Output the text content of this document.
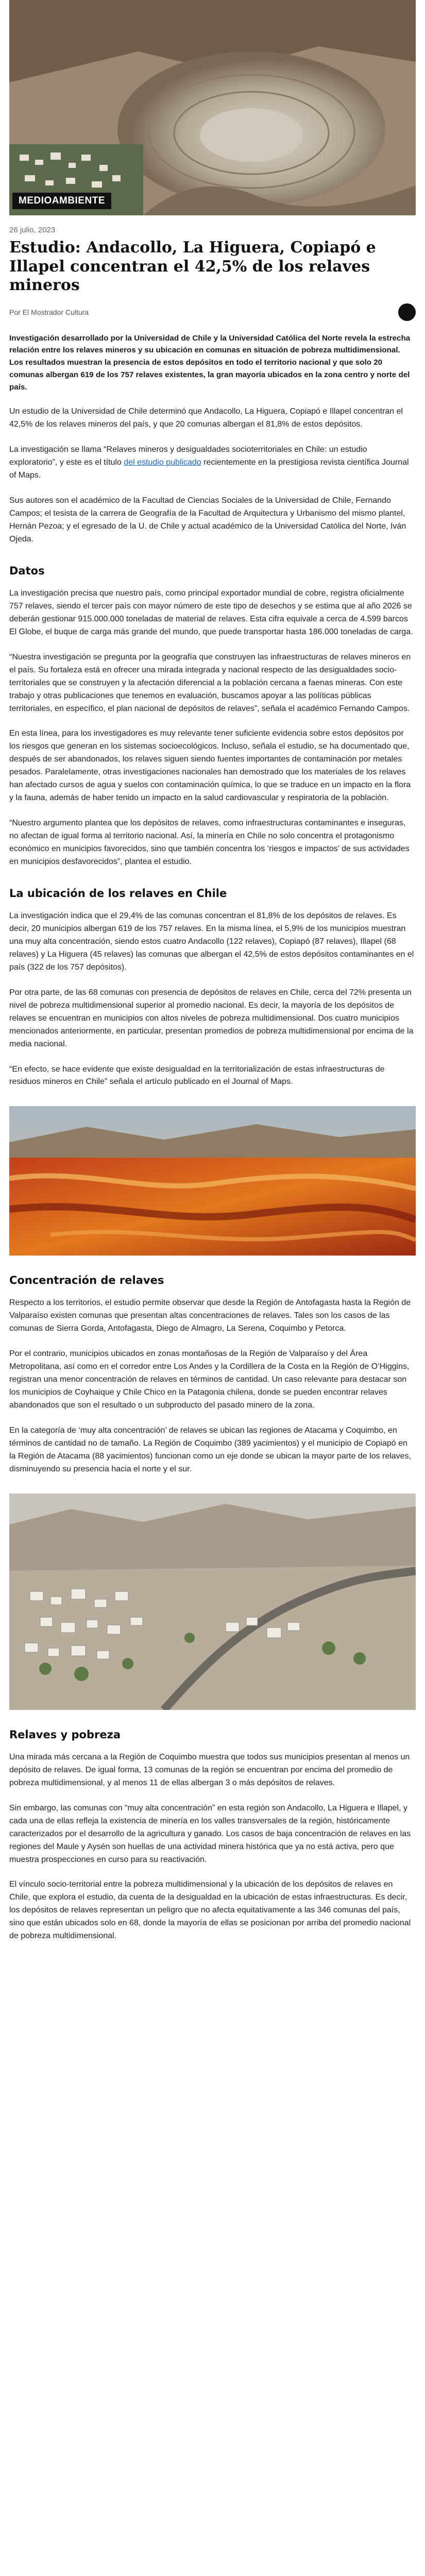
MEDIOAMBIENTE
26 julio, 2023
Estudio: Andacollo, La Higuera, Copiapó e Illapel concentran el 42,5% de los relaves mineros
Por El Mostrador Cultura

Investigación desarrollado por la Universidad de Chile y la Universidad Católica del Norte revela la estrecha relación entre los relaves mineros y su ubicación en comunas en situación de pobreza multidimensional. Los resultados muestran la presencia de estos depósitos en todo el territorio nacional y que solo 20 comunas albergan 619 de los 757 relaves existentes, la gran mayoría ubicados en la zona centro y norte del país.

Un estudio de la Universidad de Chile determinó que Andacollo, La Higuera, Copiapó e Illapel concentran el 42,5% de los relaves mineros del país, y que 20 comunas albergan el 81,8% de estos depósitos.

La investigación se llama “Relaves mineros y desigualdades socioterritoriales en Chile: un estudio exploratorio”, y este es el título del estudio publicado recientemente en la prestigiosa revista científica Journal of Maps.

Sus autores son el académico de la Facultad de Ciencias Sociales de la Universidad de Chile, Fernando Campos; el tesista de la carrera de Geografía de la Facultad de Arquitectura y Urbanismo del mismo plantel, Hernán Pezoa; y el egresado de la U. de Chile y actual académico de la Universidad Católica del Norte, Iván Ojeda.

Datos

La investigación precisa que nuestro país, como principal exportador mundial de cobre, registra oficialmente 757 relaves, siendo el tercer país con mayor número de este tipo de desechos y se estima que al año 2026 se deberán gestionar 915.000.000 toneladas de material de relaves. Esta cifra equivale a cerca de 4.599 barcos El Globe, el buque de carga más grande del mundo, que puede transportar hasta 186.000 toneladas de carga.

“Nuestra investigación se pregunta por la geografía que construyen las infraestructuras de relaves mineros en el país. Su fortaleza está en ofrecer una mirada integrada y nacional respecto de las desigualdades socio-territoriales que se construyen y la afectación diferencial a la población cercana a faenas mineras. Con este trabajo y otras publicaciones que tenemos en evaluación, buscamos apoyar a las políticas públicas territoriales, en específico, el plan nacional de depósitos de relaves”, señala el académico Fernando Campos.

En esta línea, para los investigadores es muy relevante tener suficiente evidencia sobre estos depósitos por los riesgos que generan en los sistemas socioecológicos. Incluso, señala el estudio, se ha documentado que, después de ser abandonados, los relaves siguen siendo fuentes importantes de contaminación por metales pesados. Paralelamente, otras investigaciones nacionales han demostrado que los materiales de los relaves han afectado cursos de agua y suelos con contaminación química, lo que se traduce en un impacto en la flora y la fauna, además de haber tenido un impacto en la salud cardiovascular y respiratoria de la población.

“Nuestro argumento plantea que los depósitos de relaves, como infraestructuras contaminantes e inseguras, no afectan de igual forma al territorio nacional. Así, la minería en Chile no solo concentra el protagonismo económico en municipios favorecidos, sino que también concentra los ‘riesgos e impactos’ de sus actividades en municipios desfavorecidos”, plantea el estudio.

La ubicación de los relaves en Chile

La investigación indica que el 29,4% de las comunas concentran el 81,8% de los depósitos de relaves. Es decir, 20 municipios albergan 619 de los 757 relaves. En la misma línea, el 5,9% de los municipios muestran una muy alta concentración, siendo estos cuatro Andacollo (122 relaves), Copiapó (87 relaves), Illapel (68 relaves) y La Higuera (45 relaves) las comunas que albergan el 42,5% de estos depósitos contaminantes en el país (322 de los 757 depósitos).

Por otra parte, de las 68 comunas con presencia de depósitos de relaves en Chile, cerca del 72% presenta un nivel de pobreza multidimensional superior al promedio nacional. Es decir, la mayoría de los depósitos de relaves se encuentran en municipios con altos niveles de pobreza multidimensional. Dos cuatro municipios mencionados anteriormente, en particular, presentan promedios de pobreza multidimensional por encima de la media nacional.

“En efecto, se hace evidente que existe desigualdad en la territorialización de estas infraestructuras de residuos mineros en Chile” señala el artículo publicado en el Journal of Maps.

Concentración de relaves

Respecto a los territorios, el estudio permite observar que desde la Región de Antofagasta hasta la Región de Valparaíso existen comunas que presentan altas concentraciones de relaves. Tales son los casos de las comunas de Sierra Gorda, Antofagasta, Diego de Almagro, La Serena, Coquimbo y Petorca.

Por el contrario, municipios ubicados en zonas montañosas de la Región de Valparaíso y del Área Metropolitana, así como en el corredor entre Los Andes y la Cordillera de la Costa en la Región de O’Higgins, registran una menor concentración de relaves en términos de cantidad. Un caso relevante para destacar son los municipios de Coyhaique y Chile Chico en la Patagonia chilena, donde se pueden encontrar relaves abandonados que son el resultado o un subproducto del pasado minero de la zona.

En la categoría de ‘muy alta concentración’ de relaves se ubican las regiones de Atacama y Coquimbo, en términos de cantidad no de tamaño. La Región de Coquimbo (389 yacimientos) y el municipio de Copiapó en la Región de Atacama (88 yacimientos) funcionan como un eje donde se ubican la mayor parte de los relaves, disminuyendo su presencia hacia el norte y el sur.

Relaves y pobreza

Una mirada más cercana a la Región de Coquimbo muestra que todos sus municipios presentan al menos un depósito de relaves. De igual forma, 13 comunas de la región se encuentran por encima del promedio de pobreza multidimensional, y al menos 11 de ellas albergan 3 o más depósitos de relaves.

Sin embargo, las comunas con “muy alta concentración” en esta región son Andacollo, La Higuera e Illapel, y cada una de ellas refleja la existencia de minería en los valles transversales de la región, históricamente caracterizados por el desarrollo de la agricultura y ganado. Los casos de baja concentración de relaves en las regiones del Maule y Aysén son huellas de una actividad minera histórica que ya no está activa, pero que muestra prospecciones en curso para su reactivación.

El vínculo socio-territorial entre la pobreza multidimensional y la ubicación de los depósitos de relaves en Chile, que explora el estudio, da cuenta de la desigualdad en la ubicación de estas infraestructuras. Es decir, los depósitos de relaves representan un peligro que no afecta equitativamente a las 346 comunas del país, sino que están ubicados solo en 68, donde la mayoría de ellas se posicionan por arriba del promedio nacional de pobreza multidimensional.
